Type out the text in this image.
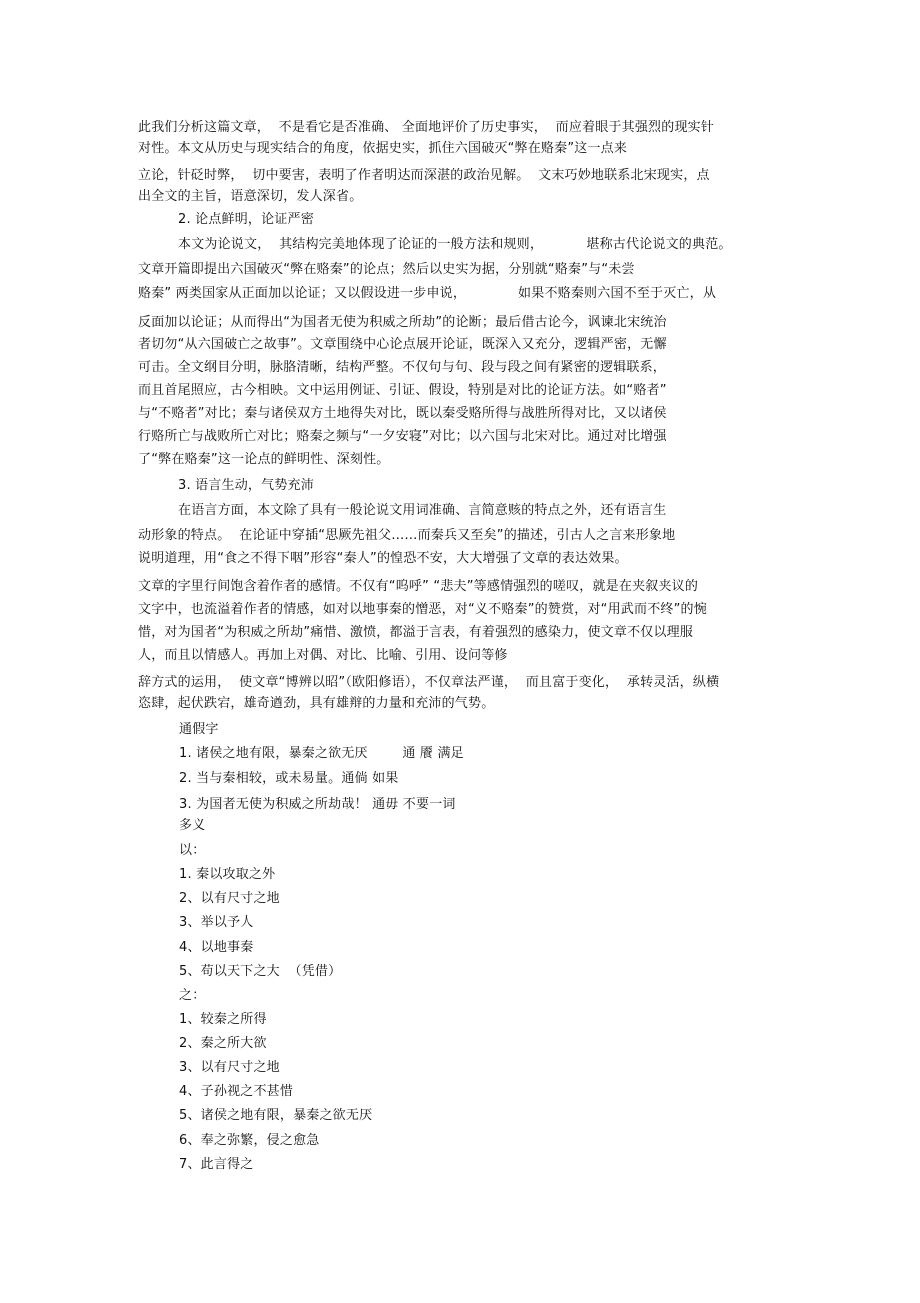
此我们分析这篇文章，  不是看它是否准确、 全面地评价了历史事实，  而应着眼于其强烈的现实针
对性。本文从历史与现实结合的角度，依据史实，抓住六国破灭“弊在赂秦”这一点来
立论，针砭时弊，  切中要害，表明了作者明达而深湛的政治见解。  文末巧妙地联系北宋现实，点
出全文的主旨，语意深切，发人深省。
2. 论点鲜明，论证严密
本文为论说文，  其结构完美地体现了论证的一般方法和规则，          堪称古代论说文的典范。
文章开篇即提出六国破灭“弊在赂秦”的论点；然后以史实为据，分别就“赂秦”与“未尝
赂秦” 两类国家从正面加以论证；又以假设进一步申说，            如果不赂秦则六国不至于灭亡，从
反面加以论证；从而得出“为国者无使为积威之所劫”的论断；最后借古论今，讽谏北宋统治
者切勿“从六国破亡之故事”。文章围绕中心论点展开论证，既深入又充分，逻辑严密，无懈
可击。全文纲目分明，脉胳清晰，结构严整。不仅句与句、段与段之间有紧密的逻辑联系，
而且首尾照应，古今相映。文中运用例证、引证、假设，特别是对比的论证方法。如“赂者”
与“不赂者”对比；秦与诸侯双方土地得失对比，既以秦受赂所得与战胜所得对比，又以诸侯
行赂所亡与战败所亡对比；赂秦之频与“一夕安寝”对比；以六国与北宋对比。通过对比增强
了“弊在赂秦”这一论点的鲜明性、深刻性。
3. 语言生动，气势充沛
在语言方面，本文除了具有一般论说文用词准确、言简意赅的特点之外，还有语言生
动形象的特点。  在论证中穿插“思厥先祖父……而秦兵又至矣”的描述，引古人之言来形象地
说明道理，用“食之不得下咽”形容“秦人”的惶恐不安，大大增强了文章的表达效果。
文章的字里行间饱含着作者的感情。不仅有“呜呼” “悲夫”等感情强烈的嗟叹，就是在夹叙夹议的
文字中，也流溢着作者的情感，如对以地事秦的憎恶，对“义不赂秦”的赞赏，对“用武而不终”的惋
惜，对为国者“为积威之所劫”痛惜、激愤，都溢于言表，有着强烈的感染力，使文章不仅以理服
人，而且以情感人。再加上对偶、对比、比喻、引用、设问等修
辞方式的运用，  使文章“博辨以昭”（欧阳修语），不仅章法严谨，  而且富于变化，  承转灵活，纵横
恣肆，起伏跌宕，雄奇遒劲，具有雄辩的力量和充沛的气势。
通假字
1. 诸侯之地有限，暴秦之欲无厌        通 餍 满足
2. 当与秦相较，或未易量。通倘 如果
3. 为国者无使为积威之所劫哉！ 通毋 不要一词
多义
以：
1. 秦以攻取之外
2、以有尺寸之地
3、举以予人
4、以地事秦
5、苟以天下之大  （凭借）
之：
1、较秦之所得
2、秦之所大欲
3、以有尺寸之地
4、子孙视之不甚惜
5、诸侯之地有限，暴秦之欲无厌
6、奉之弥繁，侵之愈急
7、此言得之
